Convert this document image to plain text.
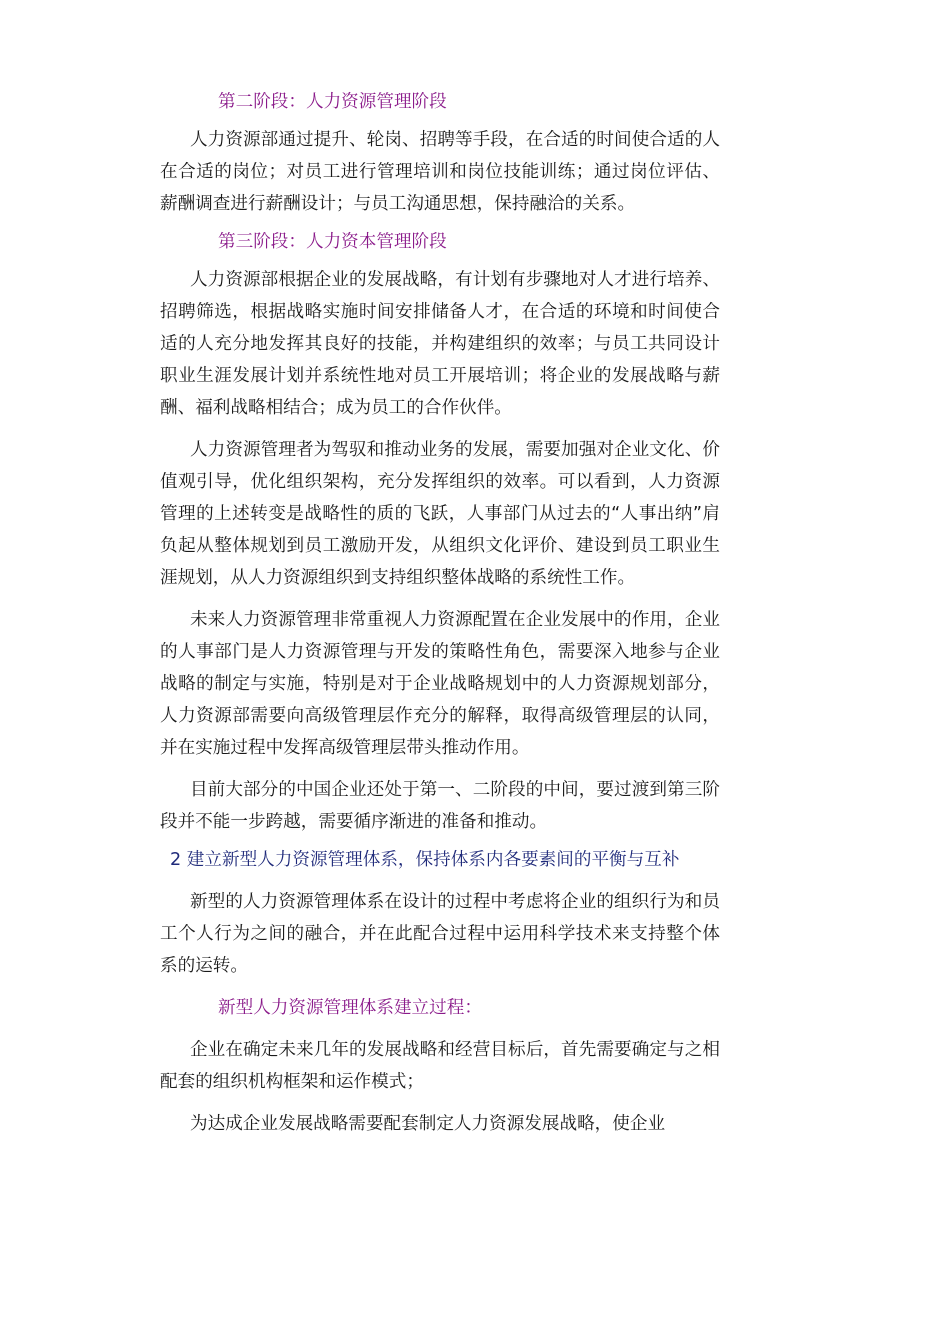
第二阶段：人力资源管理阶段

人力资源部通过提升、轮岗、招聘等手段，在合适的时间使合适的人在合适的岗位；对员工进行管理培训和岗位技能训练；通过岗位评估、薪酬调查进行薪酬设计；与员工沟通思想，保持融洽的关系。

第三阶段：人力资本管理阶段

人力资源部根据企业的发展战略，有计划有步骤地对人才进行培养、招聘筛选，根据战略实施时间安排储备人才，在合适的环境和时间使合适的人充分地发挥其良好的技能，并构建组织的效率；与员工共同设计职业生涯发展计划并系统性地对员工开展培训；将企业的发展战略与薪酬、福利战略相结合；成为员工的合作伙伴。

人力资源管理者为驾驭和推动业务的发展，需要加强对企业文化、价值观引导，优化组织架构，充分发挥组织的效率。可以看到，人力资源管理的上述转变是战略性的质的飞跃，人事部门从过去的“人事出纳”肩负起从整体规划到员工激励开发，从组织文化评价、建设到员工职业生涯规划，从人力资源组织到支持组织整体战略的系统性工作。

未来人力资源管理非常重视人力资源配置在企业发展中的作用，企业的人事部门是人力资源管理与开发的策略性角色，需要深入地参与企业战略的制定与实施，特别是对于企业战略规划中的人力资源规划部分，人力资源部需要向高级管理层作充分的解释，取得高级管理层的认同，并在实施过程中发挥高级管理层带头推动作用。

目前大部分的中国企业还处于第一、二阶段的中间，要过渡到第三阶段并不能一步跨越，需要循序渐进的准备和推动。

2 建立新型人力资源管理体系，保持体系内各要素间的平衡与互补

新型的人力资源管理体系在设计的过程中考虑将企业的组织行为和员工个人行为之间的融合，并在此配合过程中运用科学技术来支持整个体系的运转。

新型人力资源管理体系建立过程：

企业在确定未来几年的发展战略和经营目标后，首先需要确定与之相配套的组织机构框架和运作模式；

为达成企业发展战略需要配套制定人力资源发展战略，使企业
